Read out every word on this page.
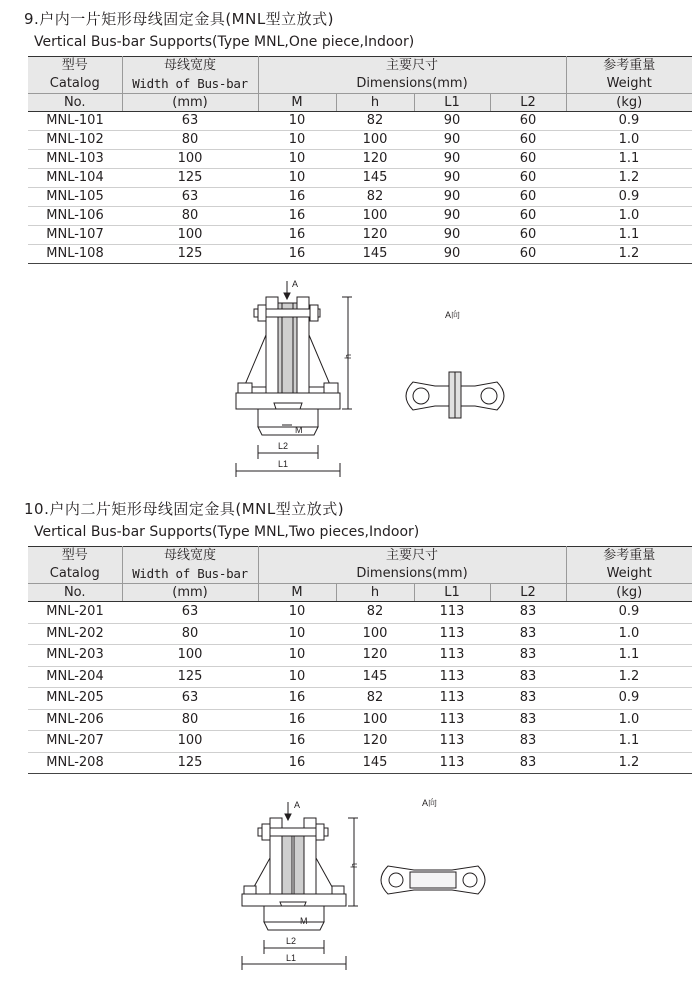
9.户内一片矩形母线固定金具(MNL型立放式)
Vertical Bus-bar Supports(Type MNL,One piece,Indoor)
型号	母线宽度	主要尺寸				参考重量
Catalog	Width of Bus-bar	Dimensions(mm)				Weight
No.	(mm)	M	h	L1	L2	(kg)
MNL-101	63	10	82	90	60	0.9
MNL-102	80	10	100	90	60	1.0
MNL-103	100	10	120	90	60	1.1
MNL-104	125	10	145	90	60	1.2
MNL-105	63	16	82	90	60	0.9
MNL-106	80	16	100	90	60	1.0
MNL-107	100	16	120	90	60	1.1
MNL-108	125	16	145	90	60	1.2
A
h
M
L2
L1
A向
10.户内二片矩形母线固定金具(MNL型立放式)
Vertical Bus-bar Supports(Type MNL,Two pieces,Indoor)
型号	母线宽度	主要尺寸				参考重量
Catalog	Width of Bus-bar	Dimensions(mm)				Weight
No.	(mm)	M	h	L1	L2	(kg)
MNL-201	63	10	82	113	83	0.9
MNL-202	80	10	100	113	83	1.0
MNL-203	100	10	120	113	83	1.1
MNL-204	125	10	145	113	83	1.2
MNL-205	63	16	82	113	83	0.9
MNL-206	80	16	100	113	83	1.0
MNL-207	100	16	120	113	83	1.1
MNL-208	125	16	145	113	83	1.2
A
h
M
L2
L1
A向
